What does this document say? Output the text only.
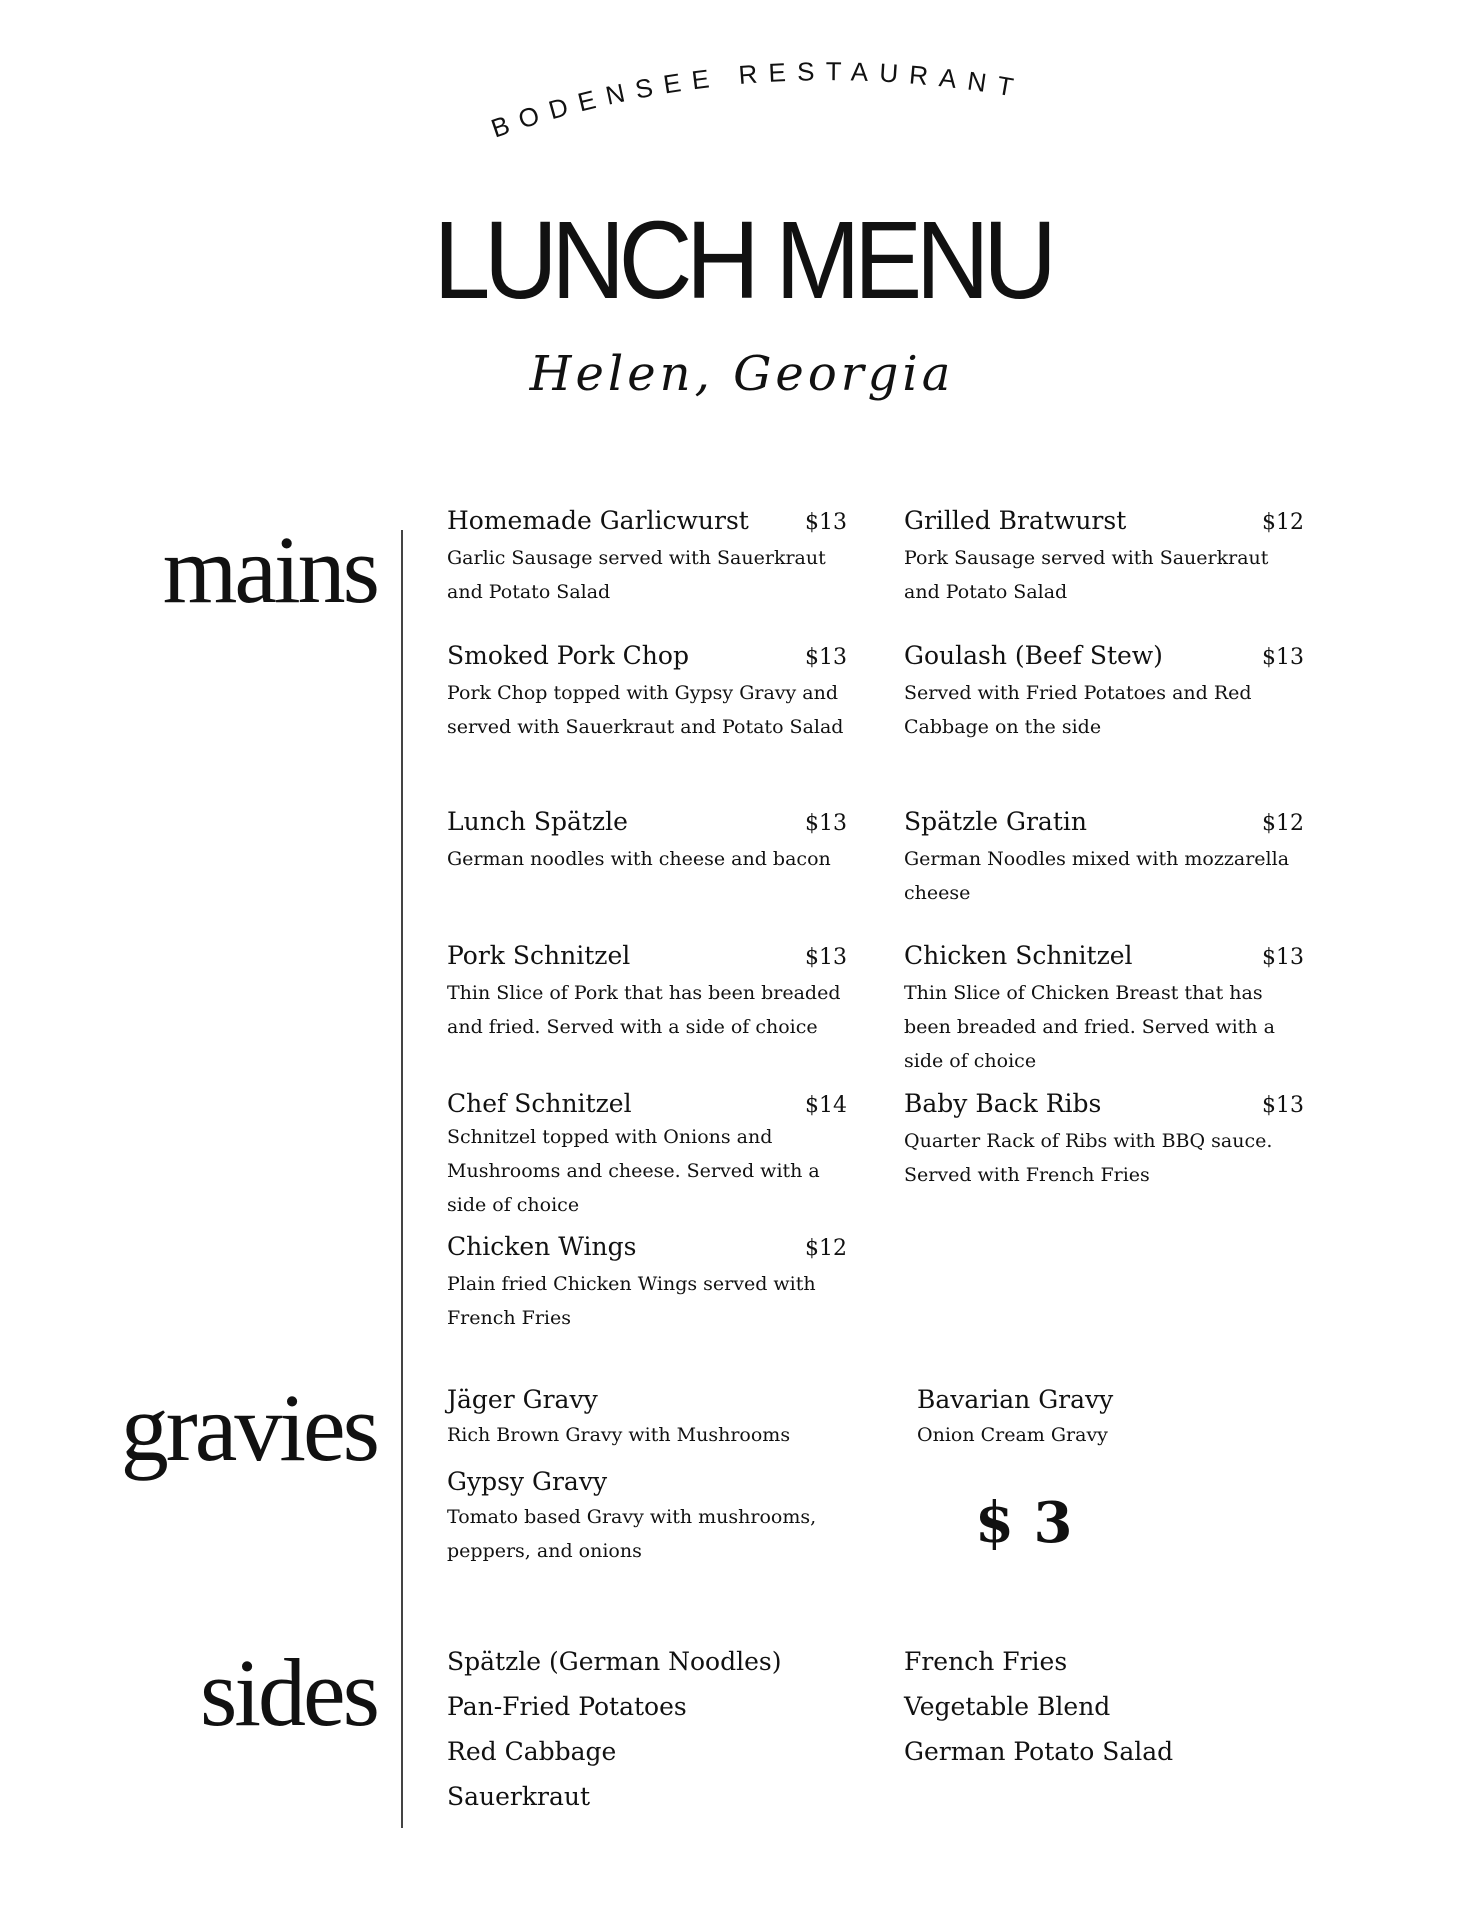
BODENSEE RESTAURANT
LUNCH MENU
Helen, Georgia
mains
gravies
sides
Homemade Garlicwurst	$13
Garlic Sausage served with Sauerkraut and Potato Salad
Grilled Bratwurst	$12
Pork Sausage served with Sauerkraut and Potato Salad
Smoked Pork Chop	$13
Pork Chop topped with Gypsy Gravy and served with Sauerkraut and Potato Salad
Goulash (Beef Stew)	$13
Served with Fried Potatoes and Red Cabbage on the side
Lunch Spätzle	$13
German noodles with cheese and bacon
Spätzle Gratin	$12
German Noodles mixed with mozzarella cheese
Pork Schnitzel	$13
Thin Slice of Pork that has been breaded and fried. Served with a side of choice
Chicken Schnitzel	$13
Thin Slice of Chicken Breast that has been breaded and fried. Served with a side of choice
Chef Schnitzel	$14
Schnitzel topped with Onions and Mushrooms and cheese. Served with a side of choice
Baby Back Ribs	$13
Quarter Rack of Ribs with BBQ sauce. Served with French Fries
Chicken Wings	$12
Plain fried Chicken Wings served with French Fries
Jäger Gravy
Rich Brown Gravy with Mushrooms
Bavarian Gravy
Onion Cream Gravy
Gypsy Gravy
Tomato based Gravy with mushrooms, peppers, and onions	$ 3
Spätzle (German Noodles)
Pan-Fried Potatoes
Red Cabbage
Sauerkraut
French Fries
Vegetable Blend
German Potato Salad
